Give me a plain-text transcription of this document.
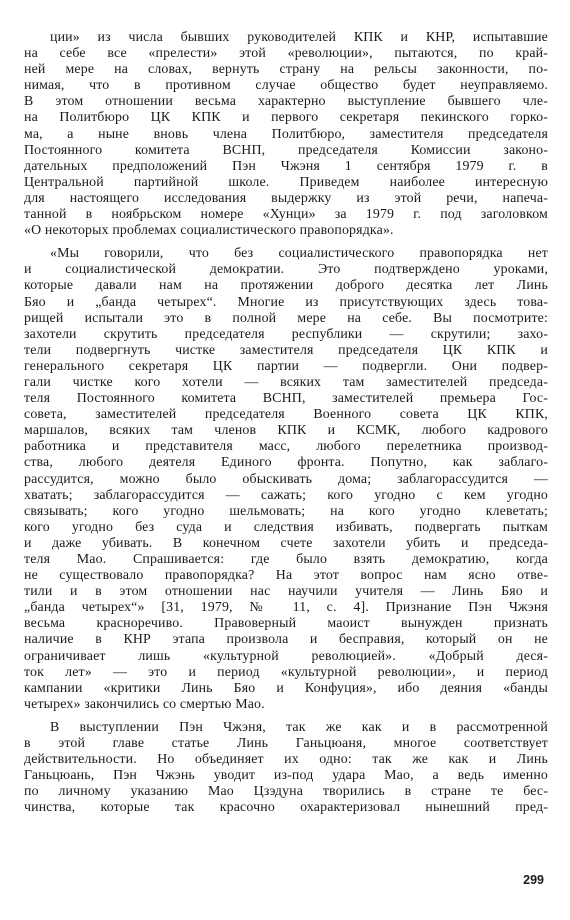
ции» из числа бывших руководителей КПК и КНР, испытавшие
на себе все «прелести» этой «революции», пытаются, по край-
ней мере на словах, вернуть страну на рельсы законности, по-
нимая, что в противном случае общество будет неуправляемо.
В этом отношении весьма характерно выступление бывшего чле-
на Политбюро ЦК КПК и первого секретаря пекинского горко-
ма, а ныне вновь члена Политбюро, заместителя председателя
Постоянного комитета ВСНП, председателя Комиссии законо-
дательных предположений Пэн Чжэня 1 сентября 1979 г. в
Центральной партийной школе. Приведем наиболее интересную
для настоящего исследования выдержку из этой речи, напеча-
танной в ноябрьском номере «Хунци» за 1979 г. под заголовком
«О некоторых проблемах социалистического правопорядка».
«Мы говорили, что без социалистического правопорядка нет
и социалистической демократии. Это подтверждено уроками,
которые давали нам на протяжении доброго десятка лет Линь
Бяо и „банда четырех“. Многие из присутствующих здесь това-
рищей испытали это в полной мере на себе. Вы посмотрите:
захотели скрутить председателя республики — скрутили; захо-
тели подвергнуть чистке заместителя председателя ЦК КПК и
генерального секретаря ЦК партии — подвергли. Они подвер-
гали чистке кого хотели — всяких там заместителей председа-
теля Постоянного комитета ВСНП, заместителей премьера Гос-
совета, заместителей председателя Военного совета ЦК КПК,
маршалов, всяких там членов КПК и КСМК, любого кадрового
работника и представителя масс, любого перелетника производ-
ства, любого деятеля Единого фронта. Попутно, как заблаго-
рассудится, можно было обыскивать дома; заблагорассудится —
хватать; заблагорассудится — сажать; кого угодно с кем угодно
связывать; кого угодно шельмовать; на кого угодно клеветать;
кого угодно без суда и следствия избивать, подвергать пыткам
и даже убивать. В конечном счете захотели убить и председа-
теля Мао. Спрашивается: где было взять демократию, когда
не существовало правопорядка? На этот вопрос нам ясно отве-
тили и в этом отношении нас научили учителя — Линь Бяо и
„банда четырех“» [31, 1979, № 11, с. 4]. Признание Пэн Чжэня
весьма красноречиво. Правоверный маоист вынужден признать
наличие в КНР этапа произвола и бесправия, который он не
ограничивает лишь «культурной революцией». «Добрый деся-
ток лет» — это и период «культурной революции», и период
кампании «критики Линь Бяо и Конфуция», ибо деяния «банды
четырех» закончились со смертью Мао.
В выступлении Пэн Чжэня, так же как и в рассмотренной
в этой главе статье Линь Ганьцюаня, многое соответствует
действительности. Но объединяет их одно: так же как и Линь
Ганьцюань, Пэн Чжэнь уводит из-под удара Мао, а ведь именно
по личному указанию Мао Цзэдуна творились в стране те бес-
чинства, которые так красочно охарактеризовал нынешний пред-
299
